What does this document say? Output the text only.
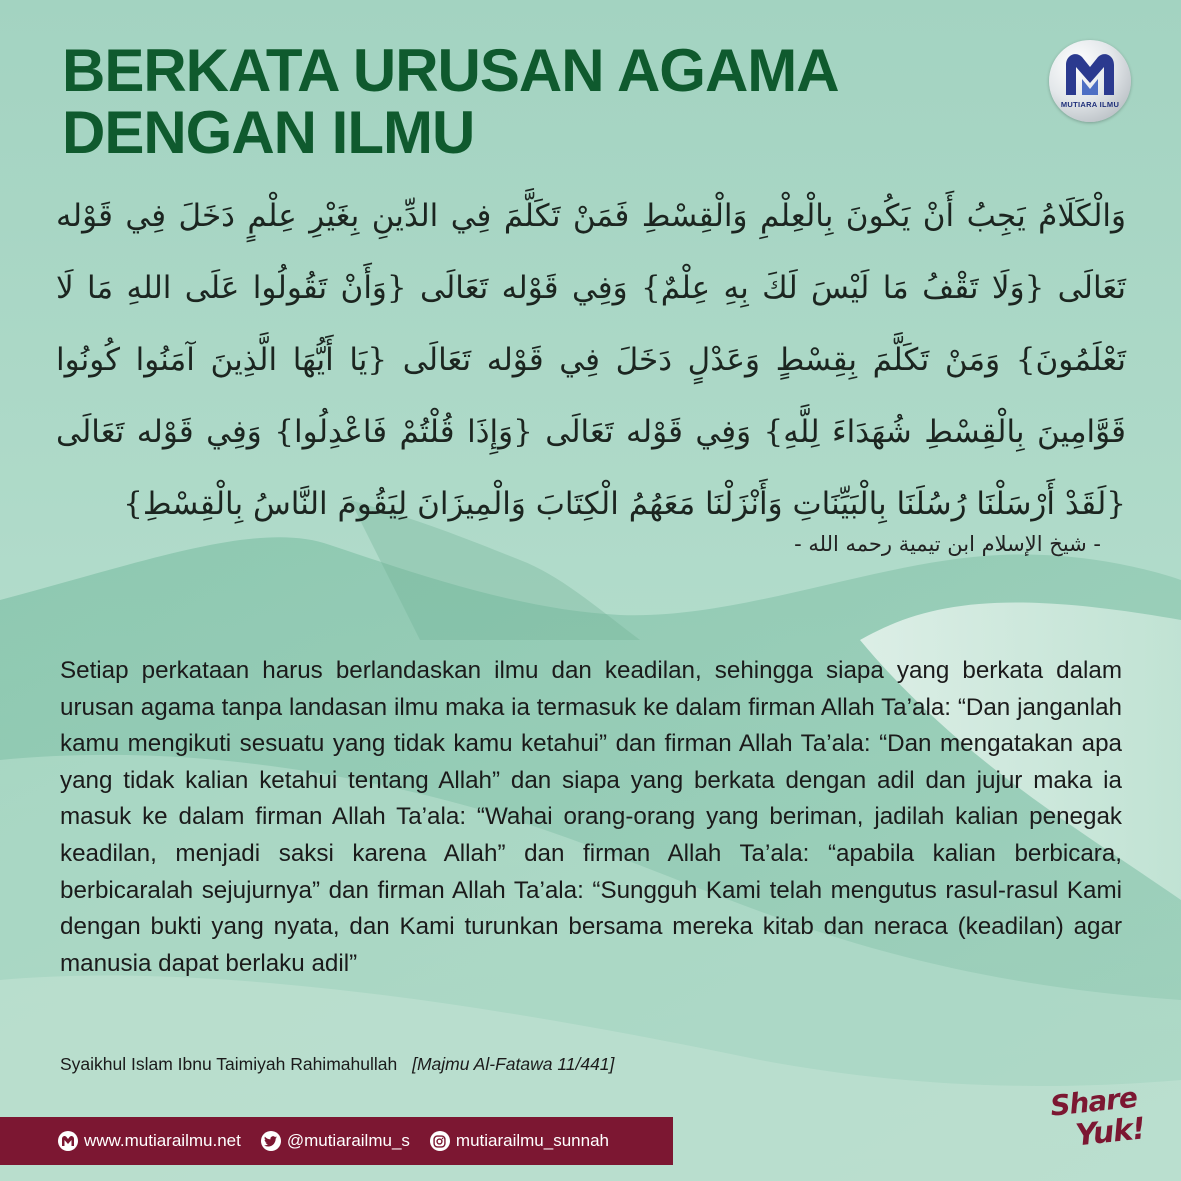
BERKATA URUSAN AGAMA
DENGAN ILMU	MUTIARA ILMU
وَالْكَلَامُ يَجِبُ أَنْ يَكُونَ بِالْعِلْمِ وَالْقِسْطِ فَمَنْ تَكَلَّمَ فِي الدِّينِ بِغَيْرِ عِلْمٍ دَخَلَ فِي قَوْله تَعَالَى {وَلَا تَقْفُ مَا لَيْسَ لَكَ بِهِ عِلْمٌ} وَفِي قَوْله تَعَالَى {وَأَنْ تَقُولُوا عَلَى اللهِ مَا لَا تَعْلَمُونَ} وَمَنْ تَكَلَّمَ بِقِسْطٍ وَعَدْلٍ دَخَلَ فِي قَوْله تَعَالَى {يَا أَيُّهَا الَّذِينَ آمَنُوا كُونُوا قَوَّامِينَ بِالْقِسْطِ شُهَدَاءَ لِلَّهِ} وَفِي قَوْله تَعَالَى {وَإِذَا قُلْتُمْ فَاعْدِلُوا} وَفِي قَوْله تَعَالَى {لَقَدْ أَرْسَلْنَا رُسُلَنَا بِالْبَيِّنَاتِ وَأَنْزَلْنَا مَعَهُمُ الْكِتَابَ وَالْمِيزَانَ لِيَقُومَ النَّاسُ بِالْقِسْطِ}
- شيخ الإسلام ابن تيمية رحمه الله -
Setiap perkataan harus berlandaskan ilmu dan keadilan, sehingga siapa yang berkata dalam urusan agama tanpa landasan ilmu maka ia termasuk ke dalam firman Allah Ta’ala: “Dan janganlah kamu mengikuti sesuatu yang tidak kamu ketahui” dan firman Allah Ta’ala: “Dan mengatakan apa yang tidak kalian ketahui tentang Allah” dan siapa yang berkata dengan adil dan jujur maka ia masuk ke dalam firman Allah Ta’ala: “Wahai orang-orang yang beriman, jadilah kalian penegak keadilan, menjadi saksi karena Allah” dan firman Allah Ta’ala: “apabila kalian berbicara, berbicaralah sejujurnya” dan firman Allah Ta’ala: “Sungguh Kami telah mengutus rasul-rasul Kami dengan bukti yang nyata, dan Kami turunkan bersama mereka kitab dan neraca (keadilan) agar manusia dapat berlaku adil”
Syaikhul Islam Ibnu Taimiyah Rahimahullah [Majmu Al-Fatawa 11/441]
www.mutiarailmu.net	@mutiarailmu_s	mutiarailmu_sunnah
Share
Yuk!
